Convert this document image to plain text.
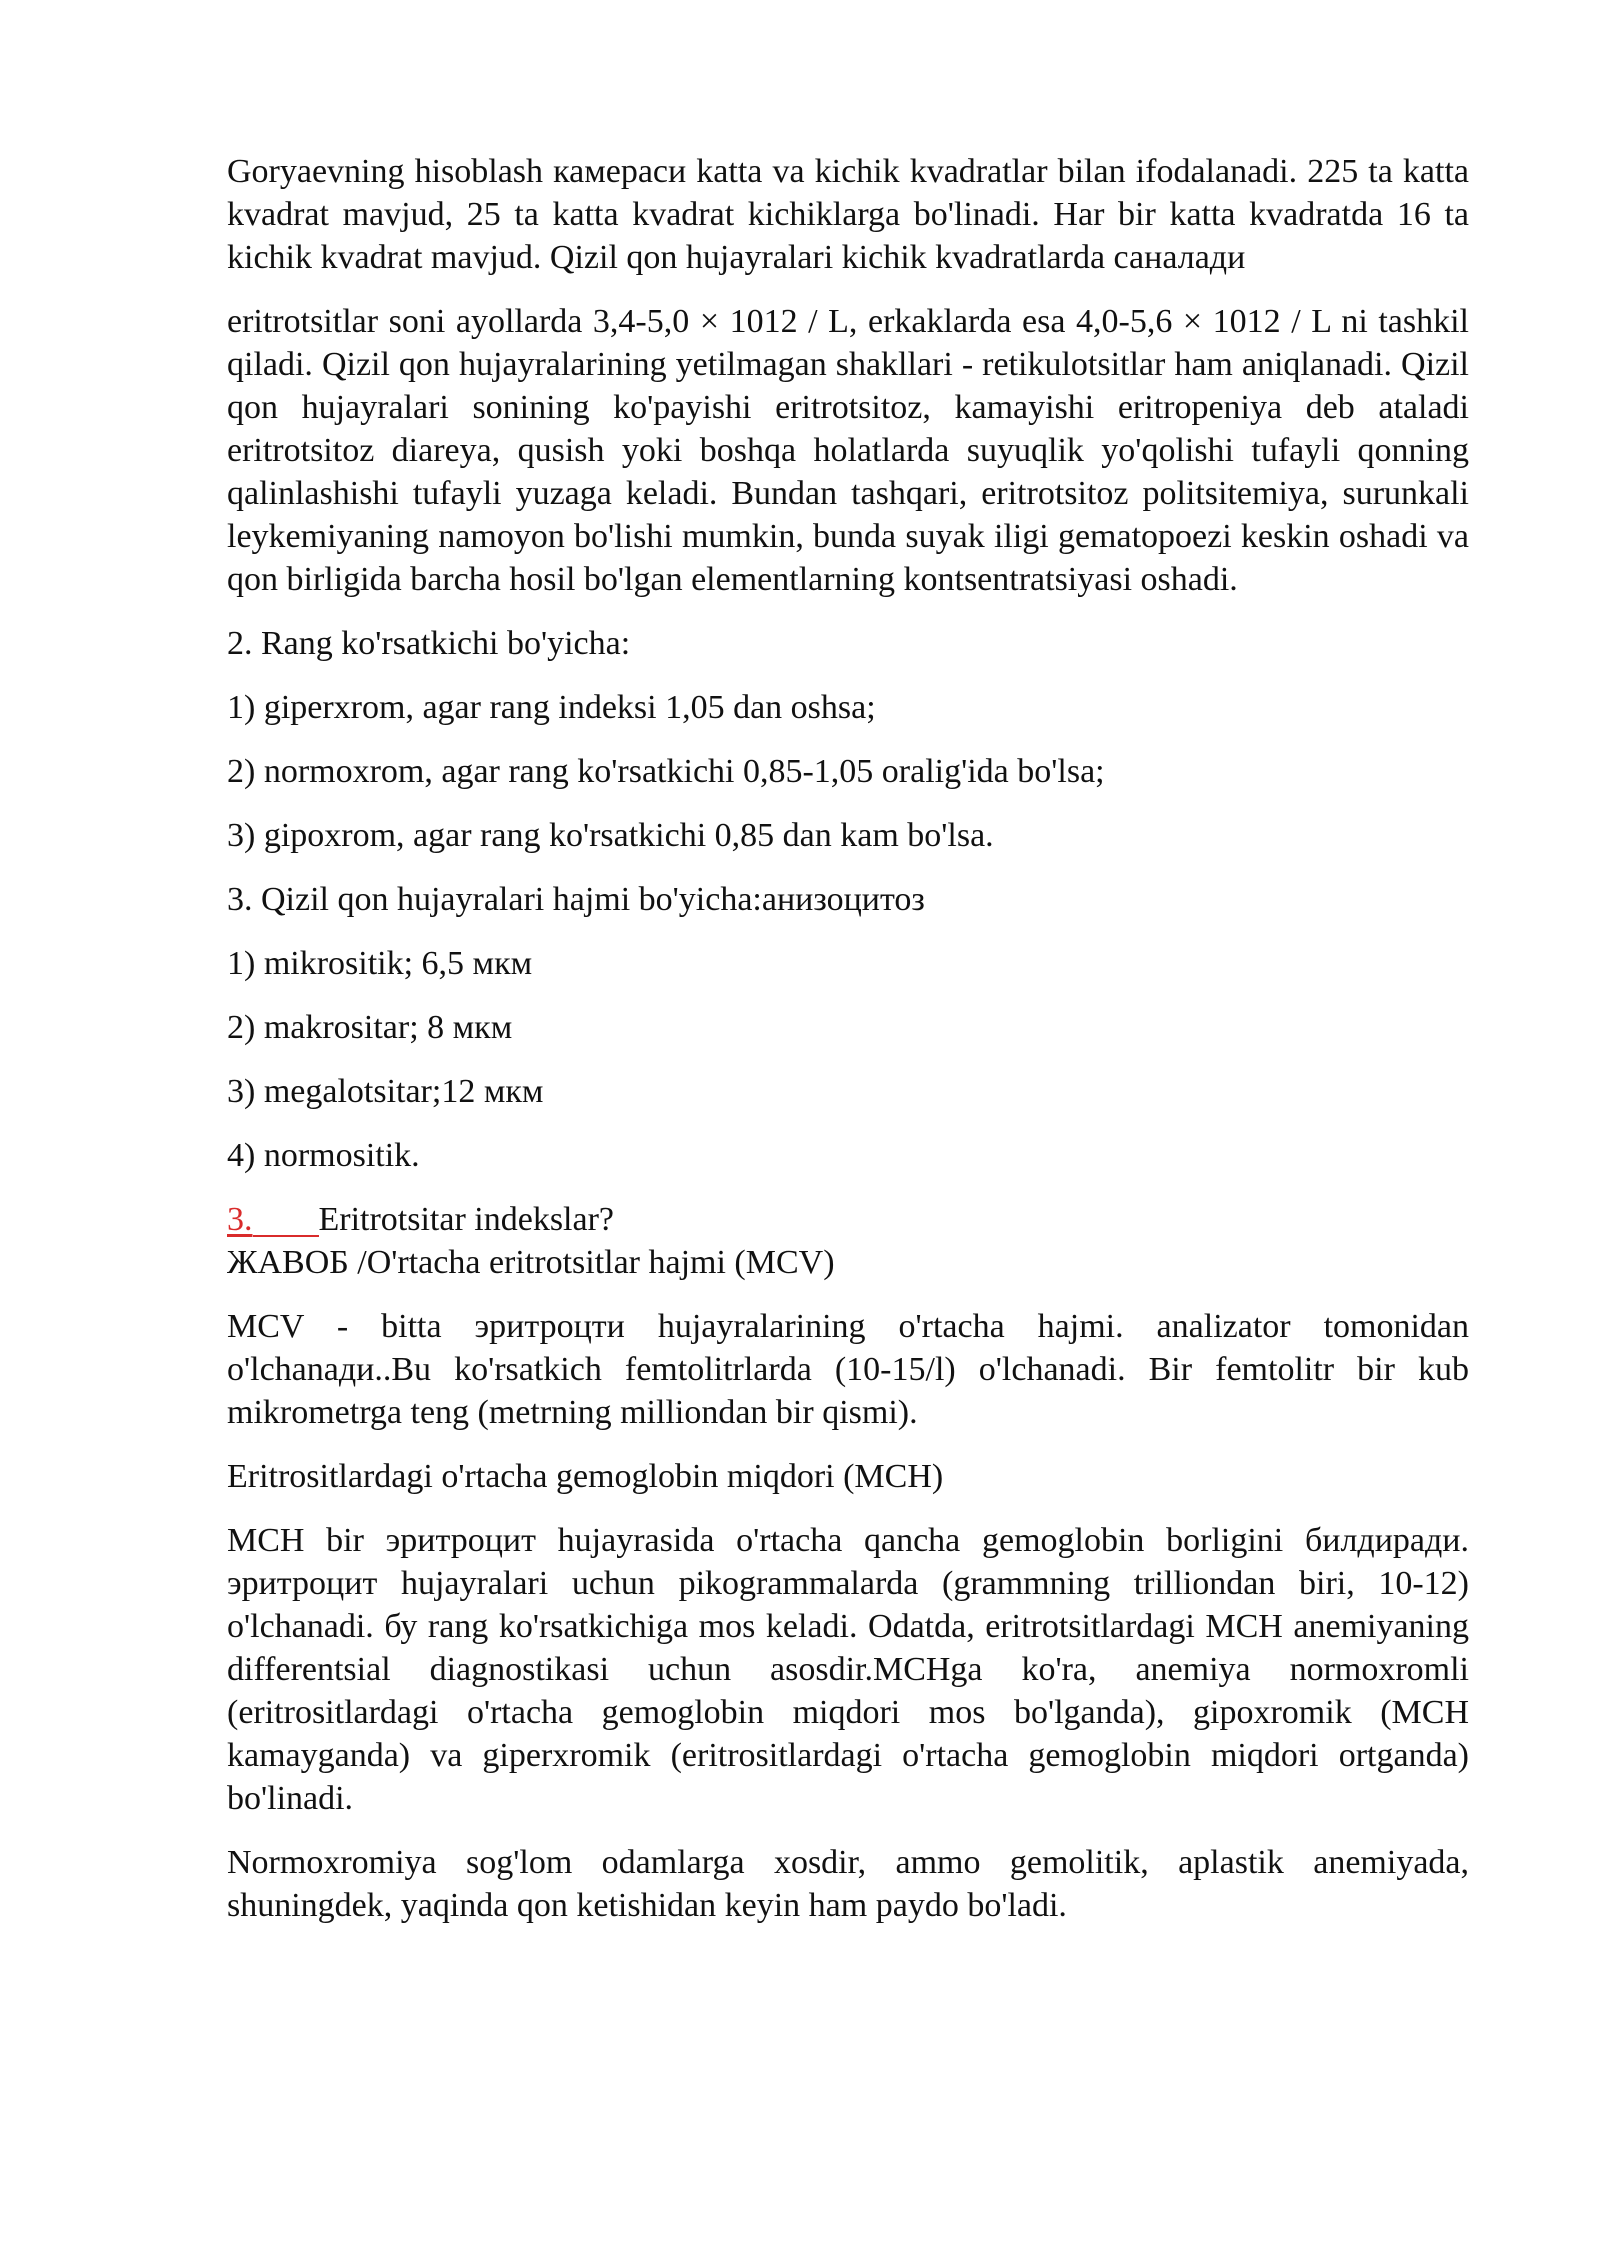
Goryaevning hisoblash камераси katta va kichik kvadratlar bilan ifodalanadi. 225 ta katta kvadrat mavjud, 25 ta katta kvadrat kichiklarga bo'linadi. Har bir katta kvadratda 16 ta kichik kvadrat mavjud. Qizil qon hujayralari kichik kvadratlarda саналади

eritrotsitlar soni ayollarda 3,4-5,0 × 1012 / L, erkaklarda esa 4,0-5,6 × 1012 / L ni tashkil qiladi. Qizil qon hujayralarining yetilmagan shakllari - retikulotsitlar ham aniqlanadi. Qizil qon hujayralari sonining ko'payishi eritrotsitoz, kamayishi eritropeniya deb ataladi eritrotsitoz diareya, qusish yoki boshqa holatlarda suyuqlik yo'qolishi tufayli qonning qalinlashishi tufayli yuzaga keladi. Bundan tashqari, eritrotsitoz politsitemiya, surunkali leykemiyaning namoyon bo'lishi mumkin, bunda suyak iligi gematopoezi keskin oshadi va qon birligida barcha hosil bo'lgan elementlarning kontsentratsiyasi oshadi.

2. Rang ko'rsatkichi bo'yicha:

1) giperxrom, agar rang indeksi 1,05 dan oshsa;

2) normoxrom, agar rang ko'rsatkichi 0,85-1,05 oralig'ida bo'lsa;

3) gipoxrom, agar rang ko'rsatkichi 0,85 dan kam bo'lsa.

3. Qizil qon hujayralari hajmi bo'yicha:анизоцитоз

1) mikrositik; 6,5 мкм

2) makrositar; 8 мкм

3) megalotsitar;12 мкм

4) normositik.

3. Eritrotsitar indekslar?

ЖАВОБ /O'rtacha eritrotsitlar hajmi (MCV)

MCV - bitta эритроцти hujayralarining o'rtacha hajmi. analizator tomonidan o'lchanади..Bu ko'rsatkich femtolitrlarda (10-15/l) o'lchanadi. Bir femtolitr bir kub mikrometrga teng (metrning milliondan bir qismi).

Eritrositlardagi o'rtacha gemoglobin miqdori (MCH)

MCH bir эритроцит hujayrasida o'rtacha qancha gemoglobin borligini билдиради. эритроцит hujayralari uchun pikogrammalarda (grammning trilliondan biri, 10-12) o'lchanadi. бу rang ko'rsatkichiga mos keladi. Odatda, eritrotsitlardagi MCH anemiyaning differentsial diagnostikasi uchun asosdir.MCHga ko'ra, anemiya normoxromli (eritrositlardagi o'rtacha gemoglobin miqdori mos bo'lganda), gipoxromik (MCH kamayganda) va giperxromik (eritrositlardagi o'rtacha gemoglobin miqdori ortganda) bo'linadi.

Normoxromiya sog'lom odamlarga xosdir, ammo gemolitik, aplastik anemiyada, shuningdek, yaqinda qon ketishidan keyin ham paydo bo'ladi.
